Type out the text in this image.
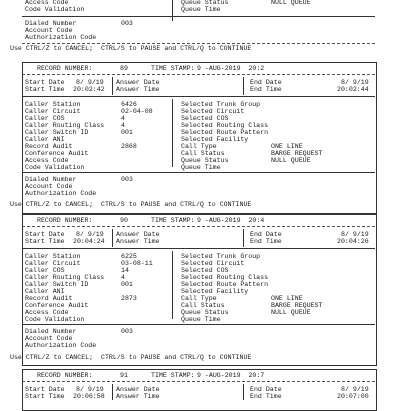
Access Code
Code Validation
Queue Status	NULL QUEUE
Queue Time
Dialed Number	003
Account Code
Authorization Code
Use CTRL/Z to CANCEL;  CTRL/S to PAUSE and CTRL/Q to CONTINUE
RECORD NUMBER:	89	TIME STAMP: 9 -AUG-2019  20:2
Start Date 8/ 9/19
Start Time 20:02:42
Answer Date
Answer Time
End Date	8/ 9/19
End Time	20:02:44
Caller Station	6426
Caller Circuit	02-04-08
Caller COS	4
Caller Routing Class	4
Caller Switch ID	001
Caller ANI
Record Audit	2868
Conference Audit
Access Code
Code Validation
Selected Trunk Group
Selected Circuit
Selected COS
Selected Routing Class
Selected Route Pattern
Selected Facility
Call Type	ONE LINE
Call Status	BARGE REQUEST
Queue Status	NULL QUEUE
Queue Time
Dialed Number	003
Account Code
Authorization Code
Use CTRL/Z to CANCEL;  CTRL/S to PAUSE and CTRL/Q to CONTINUE
RECORD NUMBER:	90	TIME STAMP: 9 -AUG-2019  20:4
Start Date 8/ 9/19
Start Time 20:04:24
Answer Date
Answer Time
End Date	8/ 9/19
End Time	20:04:26
Caller Station	6225
Caller Circuit	03-08-11
Caller COS	14
Caller Routing Class	4
Caller Switch ID	001
Caller ANI
Record Audit	2873
Conference Audit
Access Code
Code Validation
Selected Trunk Group
Selected Circuit
Selected COS
Selected Routing Class
Selected Route Pattern
Selected Facility
Call Type	ONE LINE
Call Status	BARGE REQUEST
Queue Status	NULL QUEUE
Queue Time
Dialed Number	003
Account Code
Authorization Code
Use CTRL/Z to CANCEL;  CTRL/S to PAUSE and CTRL/Q to CONTINUE
RECORD NUMBER:	91	TIME STAMP: 9 -AUG-2019  20:7
Start Date 8/ 9/19
Start Time 20:06:58
Answer Date
Answer Time
End Date	8/ 9/19
End Time	20:07:00
